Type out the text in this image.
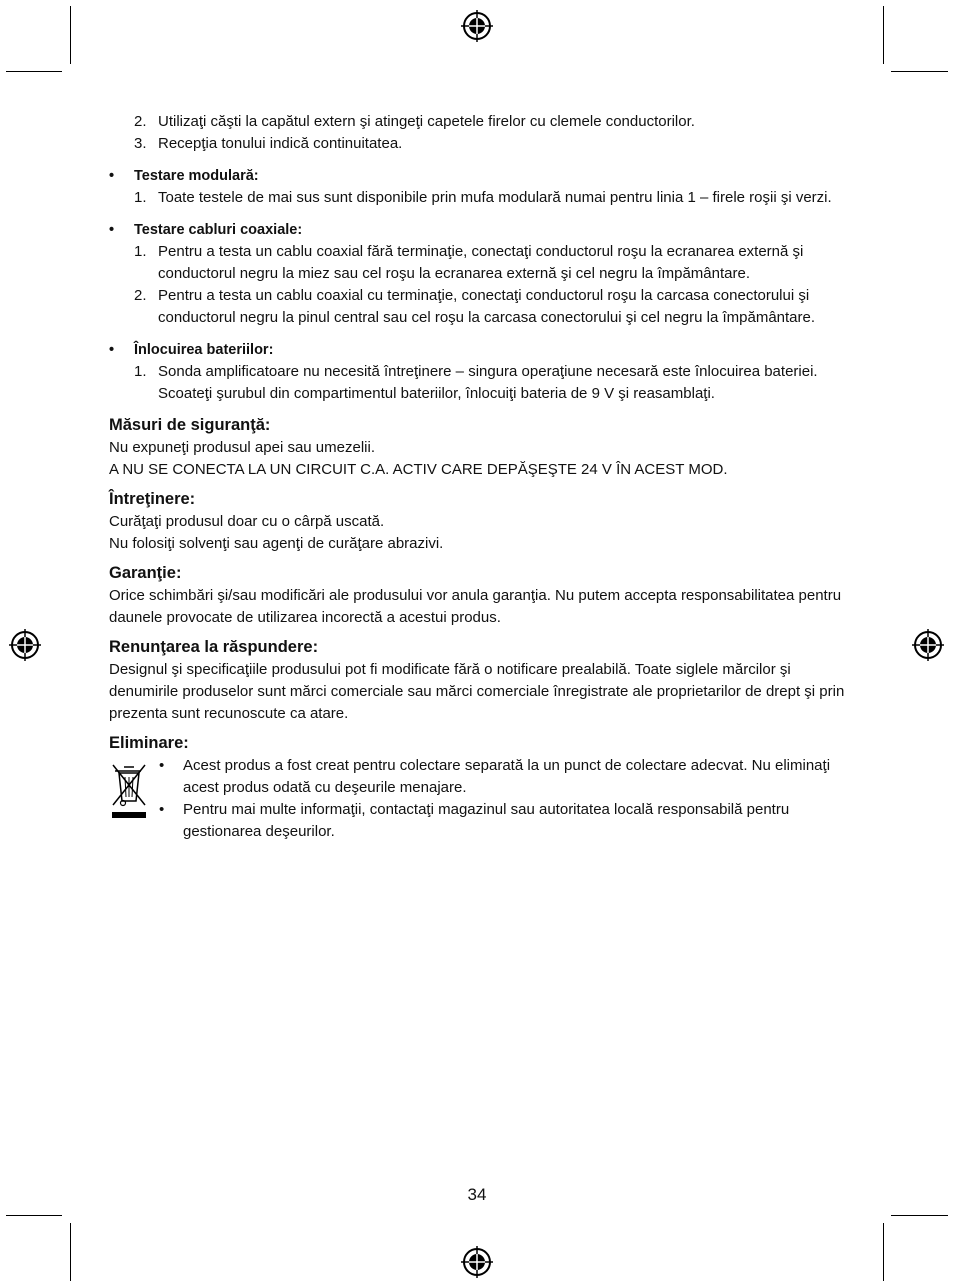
2. Utilizaţi căşti la capătul extern şi atingeţi capetele firelor cu clemele conductorilor.
3. Recepţia tonului indică continuitatea.
• Testare modulară:
1. Toate testele de mai sus sunt disponibile prin mufa modulară numai pentru linia 1 – firele roşii şi verzi.
• Testare cabluri coaxiale:
1. Pentru a testa un cablu coaxial fără terminaţie, conectaţi conductorul roşu la ecranarea externă şi conductorul negru la miez sau cel roşu la ecranarea externă şi cel negru la împământare.
2. Pentru a testa un cablu coaxial cu terminaţie, conectaţi conductorul roşu la carcasa conectorului şi conductorul negru la pinul central sau cel roşu la carcasa conectorului şi cel negru la împământare.
• Înlocuirea bateriilor:
1. Sonda amplificatoare nu necesită întreţinere – singura operaţiune necesară este înlocuirea bateriei.
Scoateţi şurubul din compartimentul bateriilor, înlocuiţi bateria de 9 V şi reasamblaţi.
Măsuri de siguranţă:

Nu expuneţi produsul apei sau umezelii.

A NU SE CONECTA LA UN CIRCUIT C.A. ACTIV CARE DEPĂŞEŞTE 24 V ÎN ACEST MOD.

Întreţinere:

Curăţaţi produsul doar cu o cârpă uscată.

Nu folosiţi solvenţi sau agenţi de curăţare abrazivi.

Garanţie:

Orice schimbări şi/sau modificări ale produsului vor anula garanţia. Nu putem accepta responsabilitatea pentru daunele provocate de utilizarea incorectă a acestui produs.

Renunţarea la răspundere:

Designul şi specificaţiile produsului pot fi modificate fără o notificare prealabilă. Toate siglele mărcilor şi denumirile produselor sunt mărci comerciale sau mărci comerciale înregistrate ale proprietarilor de drept şi prin prezenta sunt recunoscute ca atare.

Eliminare:
• Acest produs a fost creat pentru colectare separată la un punct de colectare adecvat. Nu eliminaţi acest produs odată cu deşeurile menajare.
• Pentru mai multe informaţii, contactaţi magazinul sau autoritatea locală responsabilă pentru gestionarea deşeurilor.
34
